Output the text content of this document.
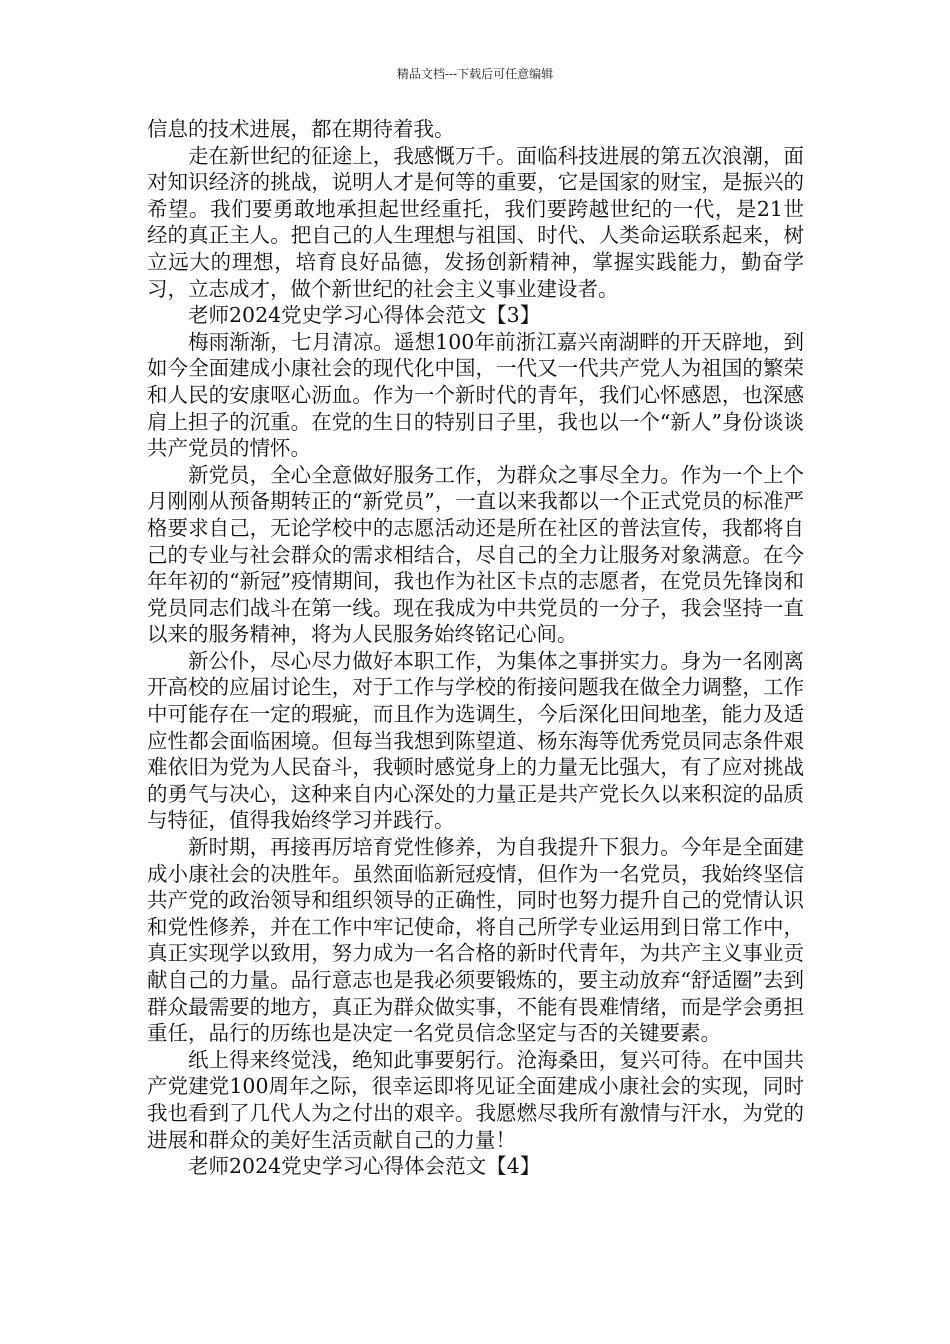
精品文档---下载后可任意编辑

信息的技术进展，都在期待着我。

走在新世纪的征途上，我感慨万千。面临科技进展的第五次浪潮，面对知识经济的挑战，说明人才是何等的重要，它是国家的财宝，是振兴的希望。我们要勇敢地承担起世经重托，我们要跨越世纪的一代，是21世经的真正主人。把自己的人生理想与祖国、时代、人类命运联系起来，树立远大的理想，培育良好品德，发扬创新精神，掌握实践能力，勤奋学习，立志成才，做个新世纪的社会主义事业建设者。

老师2024党史学习心得体会范文【3】

梅雨渐渐，七月清凉。遥想100年前浙江嘉兴南湖畔的开天辟地，到如今全面建成小康社会的现代化中国，一代又一代共产党人为祖国的繁荣和人民的安康呕心沥血。作为一个新时代的青年，我们心怀感恩，也深感肩上担子的沉重。在党的生日的特别日子里，我也以一个“新人”身份谈谈共产党员的情怀。

新党员，全心全意做好服务工作，为群众之事尽全力。作为一个上个月刚刚从预备期转正的“新党员”，一直以来我都以一个正式党员的标准严格要求自己，无论学校中的志愿活动还是所在社区的普法宣传，我都将自己的专业与社会群众的需求相结合，尽自己的全力让服务对象满意。在今年年初的“新冠”疫情期间，我也作为社区卡点的志愿者，在党员先锋岗和党员同志们战斗在第一线。现在我成为中共党员的一分子，我会坚持一直以来的服务精神，将为人民服务始终铭记心间。

新公仆，尽心尽力做好本职工作，为集体之事拼实力。身为一名刚离开高校的应届讨论生，对于工作与学校的衔接问题我在做全力调整，工作中可能存在一定的瑕疵，而且作为选调生，今后深化田间地垄，能力及适应性都会面临困境。但每当我想到陈望道、杨东海等优秀党员同志条件艰难依旧为党为人民奋斗，我顿时感觉身上的力量无比强大，有了应对挑战的勇气与决心，这种来自内心深处的力量正是共产党长久以来积淀的品质与特征，值得我始终学习并践行。

新时期，再接再厉培育党性修养，为自我提升下狠力。今年是全面建成小康社会的决胜年。虽然面临新冠疫情，但作为一名党员，我始终坚信共产党的政治领导和组织领导的正确性，同时也努力提升自己的党情认识和党性修养，并在工作中牢记使命，将自己所学专业运用到日常工作中，真正实现学以致用，努力成为一名合格的新时代青年，为共产主义事业贡献自己的力量。品行意志也是我必须要锻炼的，要主动放弃“舒适圈”去到群众最需要的地方，真正为群众做实事，不能有畏难情绪，而是学会勇担重任，品行的历练也是决定一名党员信念坚定与否的关键要素。

纸上得来终觉浅，绝知此事要躬行。沧海桑田，复兴可待。在中国共产党建党100周年之际，很幸运即将见证全面建成小康社会的实现，同时我也看到了几代人为之付出的艰辛。我愿燃尽我所有激情与汗水，为党的进展和群众的美好生活贡献自己的力量！

老师2024党史学习心得体会范文【4】
